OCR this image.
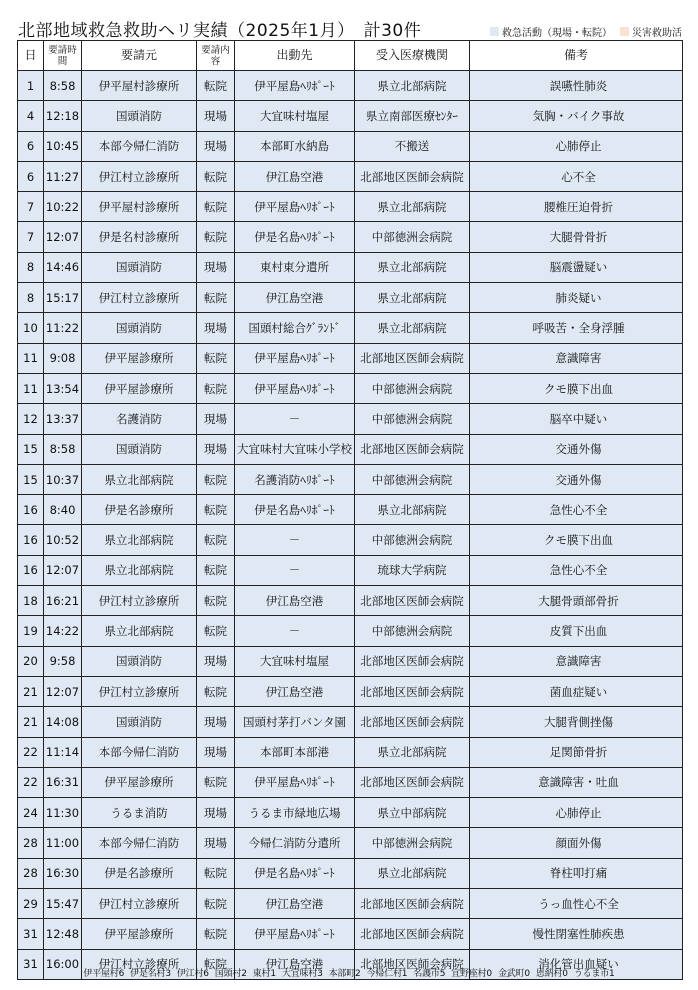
北部地域救急救助ヘリ実績（2025年1月）　計30件	救急活動（現場・転院） 災害救助活
日	要請時間	要請元	要請内容	出動先	受入医療機関	備考
1	8:58	伊平屋村診療所	転院	伊平屋島ﾍﾘﾎﾟｰﾄ	県立北部病院	誤嚥性肺炎
4	12:18	国頭消防	現場	大宜味村塩屋	県立南部医療ｾﾝﾀｰ	気胸・バイク事故
6	10:45	本部今帰仁消防	現場	本部町水納島	不搬送	心肺停止
6	11:27	伊江村立診療所	転院	伊江島空港	北部地区医師会病院	心不全
7	10:22	伊平屋村診療所	転院	伊平屋島ﾍﾘﾎﾟｰﾄ	県立北部病院	腰椎圧迫骨折
7	12:07	伊是名村診療所	転院	伊是名島ﾍﾘﾎﾟｰﾄ	中部徳洲会病院	大腿骨骨折
8	14:46	国頭消防	現場	東村東分遣所	県立北部病院	脳震盪疑い
8	15:17	伊江村立診療所	転院	伊江島空港	県立北部病院	肺炎疑い
10	11:22	国頭消防	現場	国頭村総合ｸﾞﾗﾝﾄﾞ	県立北部病院	呼吸苦・全身浮腫
11	9:08	伊平屋診療所	転院	伊平屋島ﾍﾘﾎﾟｰﾄ	北部地区医師会病院	意識障害
11	13:54	伊平屋診療所	転院	伊平屋島ﾍﾘﾎﾟｰﾄ	中部徳洲会病院	クモ膜下出血
12	13:37	名護消防	現場	－	中部徳洲会病院	脳卒中疑い
15	8:58	国頭消防	現場	大宜味村大宜味小学校	北部地区医師会病院	交通外傷
15	10:37	県立北部病院	転院	名護消防ﾍﾘﾎﾟｰﾄ	中部徳洲会病院	交通外傷
16	8:40	伊是名診療所	転院	伊是名島ﾍﾘﾎﾟｰﾄ	県立北部病院	急性心不全
16	10:52	県立北部病院	転院	－	中部徳洲会病院	クモ膜下出血
16	12:07	県立北部病院	転院	－	琉球大学病院	急性心不全
18	16:21	伊江村立診療所	転院	伊江島空港	北部地区医師会病院	大腿骨頭部骨折
19	14:22	県立北部病院	転院	－	中部徳洲会病院	皮質下出血
20	9:58	国頭消防	現場	大宜味村塩屋	北部地区医師会病院	意識障害
21	12:07	伊江村立診療所	転院	伊江島空港	北部地区医師会病院	菌血症疑い
21	14:08	国頭消防	現場	国頭村茅打バンタ園	北部地区医師会病院	大腿背側挫傷
22	11:14	本部今帰仁消防	現場	本部町本部港	県立北部病院	足関節骨折
22	16:31	伊平屋診療所	転院	伊平屋島ﾍﾘﾎﾟｰﾄ	北部地区医師会病院	意識障害・吐血
24	11:30	うるま消防	現場	うるま市緑地広場	県立中部病院	心肺停止
28	11:00	本部今帰仁消防	現場	今帰仁消防分遣所	中部徳洲会病院	顔面外傷
28	16:30	伊是名診療所	転院	伊是名島ﾍﾘﾎﾟｰﾄ	県立北部病院	脊柱叩打痛
29	15:47	伊江村立診療所	転院	伊江島空港	北部地区医師会病院	うっ血性心不全
31	12:48	伊平屋診療所	転院	伊平屋島ﾍﾘﾎﾟｰﾄ	北部地区医師会病院	慢性閉塞性肺疾患
31	16:00	伊江村立診療所	転院	伊江島空港	北部地区医師会病院	消化管出血疑い
伊平屋村6 伊是名村3 伊江村6 国頭村2 東村1 大宜味村3 本部町2 今帰仁村1 名護市5 宜野座村0 金武町0 恩納村0 うるま市1
